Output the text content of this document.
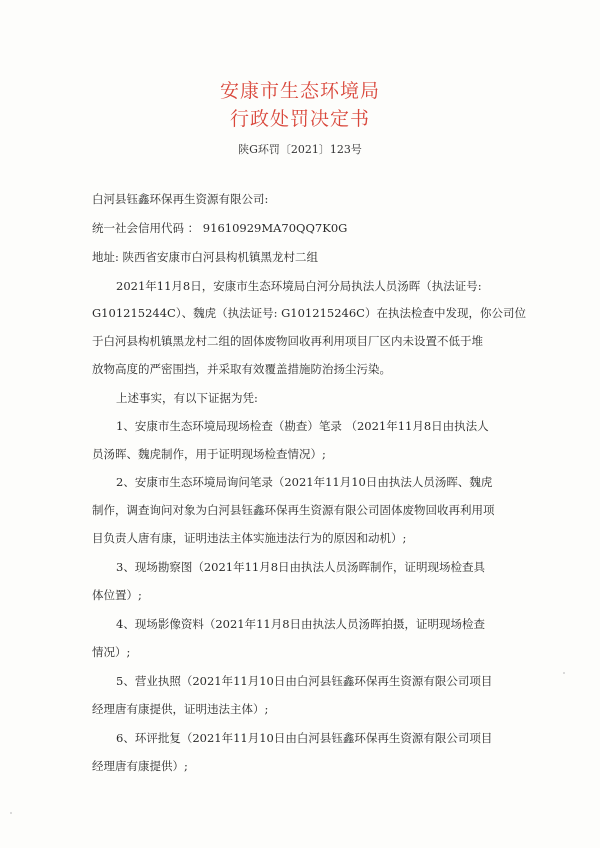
安康市生态环境局
行政处罚决定书
陕G环罚〔2021〕123号
白河县钰鑫环保再生资源有限公司:
统一社会信用代码 ： 91610929MA70QQ7K0G
地址: 陕西省安康市白河县构机镇黑龙村二组
2021年11月8日，安康市生态环境局白河分局执法人员汤晖（执法证号:
G101215244C）、魏虎（执法证号: G101215246C）在执法检查中发现，你公司位
于白河县构机镇黑龙村二组的固体废物回收再利用项目厂区内未设置不低于堆
放物高度的严密围挡，并采取有效覆盖措施防治扬尘污染。
上述事实，有以下证据为凭:
1、安康市生态环境局现场检查（勘查）笔录 （2021年11月8日由执法人
员汤晖、魏虎制作，用于证明现场检查情况）;
2、安康市生态环境局询问笔录（2021年11月10日由执法人员汤晖、魏虎
制作，调查询问对象为白河县钰鑫环保再生资源有限公司固体废物回收再利用项
目负责人唐有康，证明违法主体实施违法行为的原因和动机）;
3、现场勘察图（2021年11月8日由执法人员汤晖制作，证明现场检查具
体位置）;
4、现场影像资料（2021年11月8日由执法人员汤晖拍摄，证明现场检查
情况）;
5、营业执照（2021年11月10日由白河县钰鑫环保再生资源有限公司项目
经理唐有康提供，证明违法主体）;
6、环评批复（2021年11月10日由白河县钰鑫环保再生资源有限公司项目
经理唐有康提供）;
